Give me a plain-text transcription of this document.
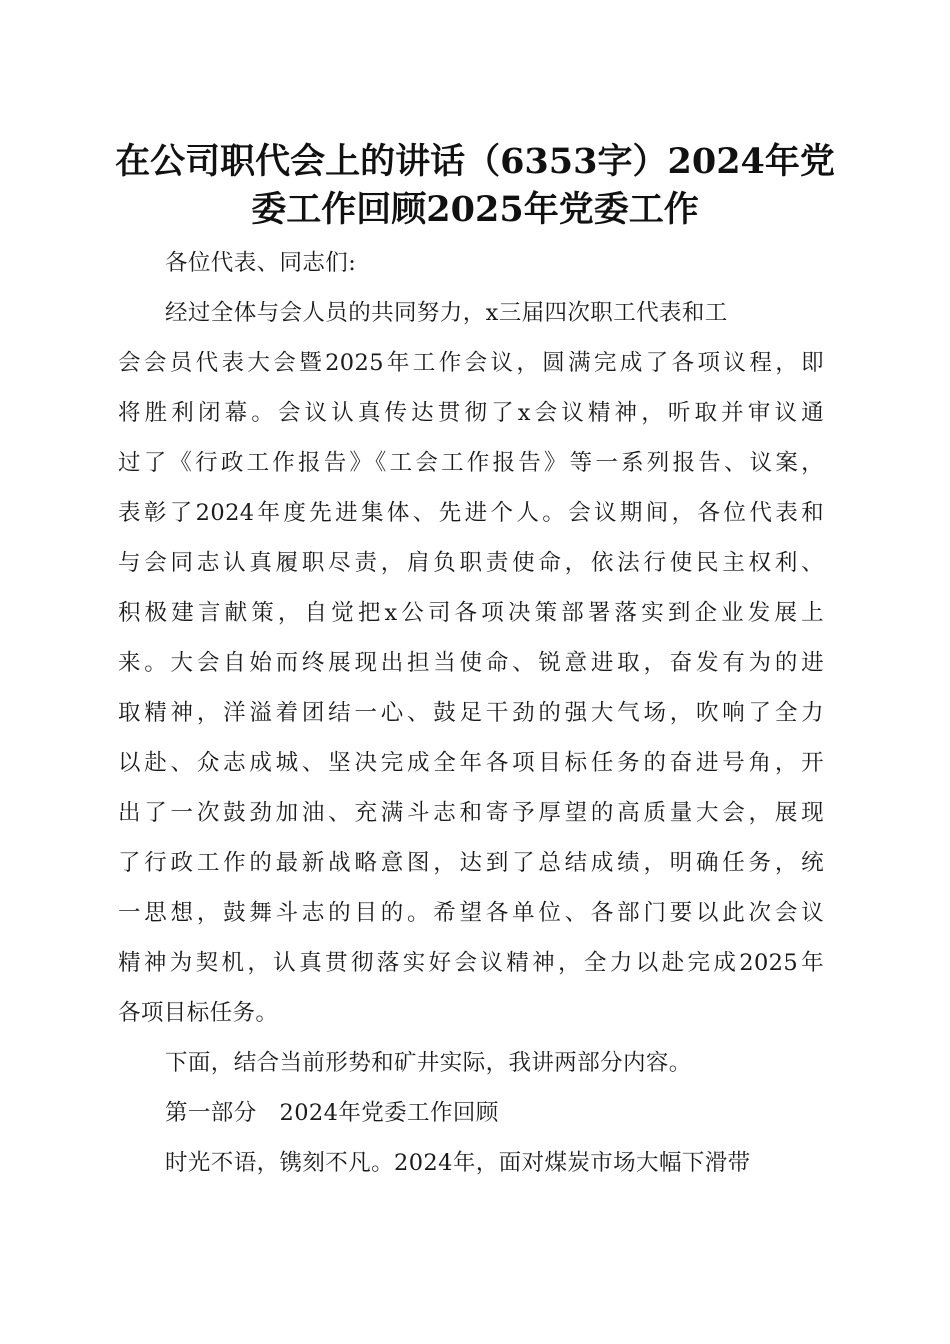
在公司职代会上的讲话（6353字）2024年党
委工作回顾2025年党委工作
各位代表、同志们:
经过全体与会人员的共同努力，x三届四次职工代表和工
会会员代表大会暨2025年工作会议，圆满完成了各项议程，即
将胜利闭幕。会议认真传达贯彻了x会议精神，听取并审议通
过了《行政工作报告》《工会工作报告》等一系列报告、议案，
表彰了2024年度先进集体、先进个人。会议期间，各位代表和
与会同志认真履职尽责，肩负职责使命，依法行使民主权利、
积极建言献策，自觉把x公司各项决策部署落实到企业发展上
来。大会自始而终展现出担当使命、锐意进取，奋发有为的进
取精神，洋溢着团结一心、鼓足干劲的强大气场，吹响了全力
以赴、众志成城、坚决完成全年各项目标任务的奋进号角，开
出了一次鼓劲加油、充满斗志和寄予厚望的高质量大会，展现
了行政工作的最新战略意图，达到了总结成绩，明确任务，统
一思想，鼓舞斗志的目的。希望各单位、各部门要以此次会议
精神为契机，认真贯彻落实好会议精神，全力以赴完成2025年
各项目标任务。
下面，结合当前形势和矿井实际，我讲两部分内容。
第一部分　2024年党委工作回顾
时光不语，镌刻不凡。2024年，面对煤炭市场大幅下滑带
